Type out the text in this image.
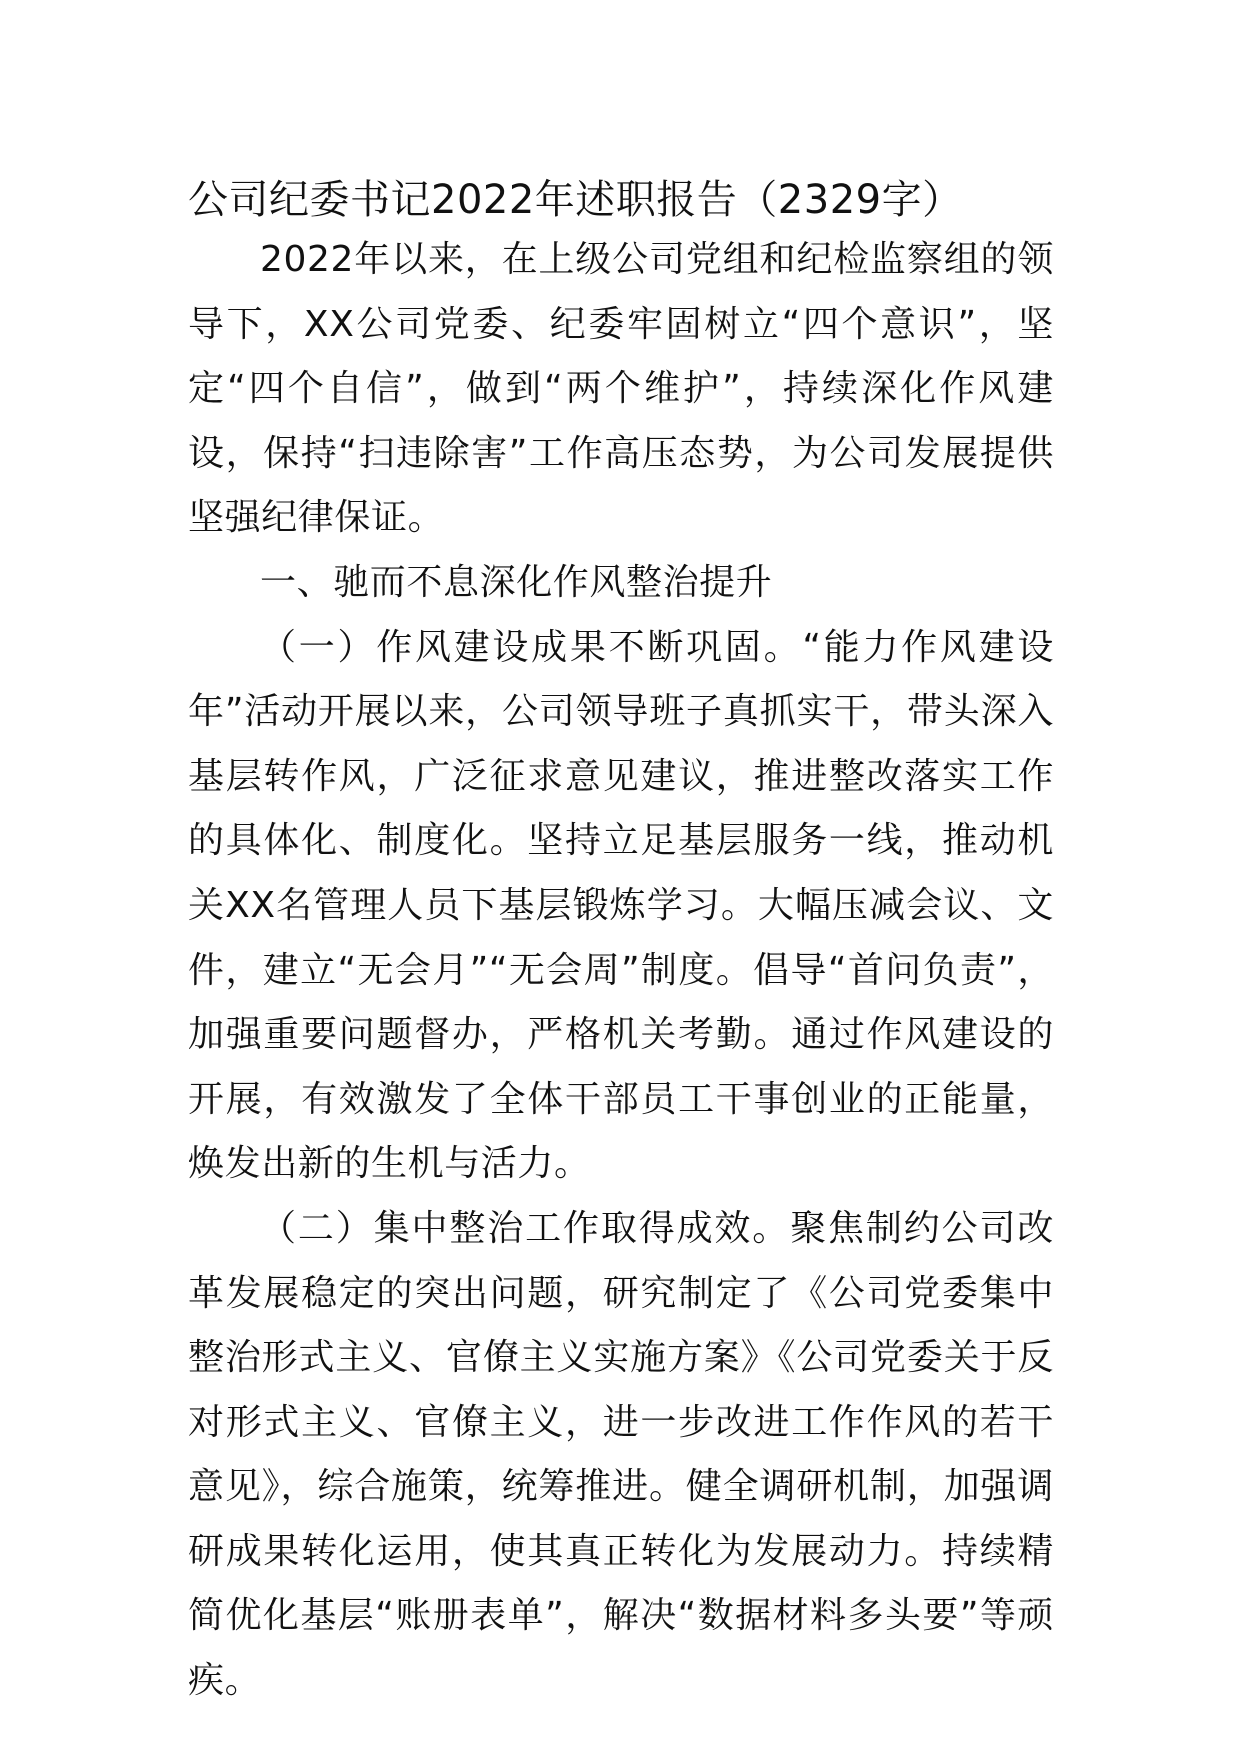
公司纪委书记2022年述职报告（2329字）

2022年以来，在上级公司党组和纪检监察组的领导下，XX公司党委、纪委牢固树立“四个意识”，坚定“四个自信”，做到“两个维护”，持续深化作风建设，保持“扫违除害”工作高压态势，为公司发展提供坚强纪律保证。

一、驰而不息深化作风整治提升

（一）作风建设成果不断巩固。“能力作风建设年”活动开展以来，公司领导班子真抓实干，带头深入基层转作风，广泛征求意见建议，推进整改落实工作的具体化、制度化。坚持立足基层服务一线，推动机关XX名管理人员下基层锻炼学习。大幅压减会议、文件，建立“无会月”“无会周”制度。倡导“首问负责”，加强重要问题督办，严格机关考勤。通过作风建设的开展，有效激发了全体干部员工干事创业的正能量，焕发出新的生机与活力。

（二）集中整治工作取得成效。聚焦制约公司改革发展稳定的突出问题，研究制定了《公司党委集中整治形式主义、官僚主义实施方案》《公司党委关于反对形式主义、官僚主义，进一步改进工作作风的若干意见》，综合施策，统筹推进。健全调研机制，加强调研成果转化运用，使其真正转化为发展动力。持续精简优化基层“账册表单”，解决“数据材料多头要”等顽疾。
